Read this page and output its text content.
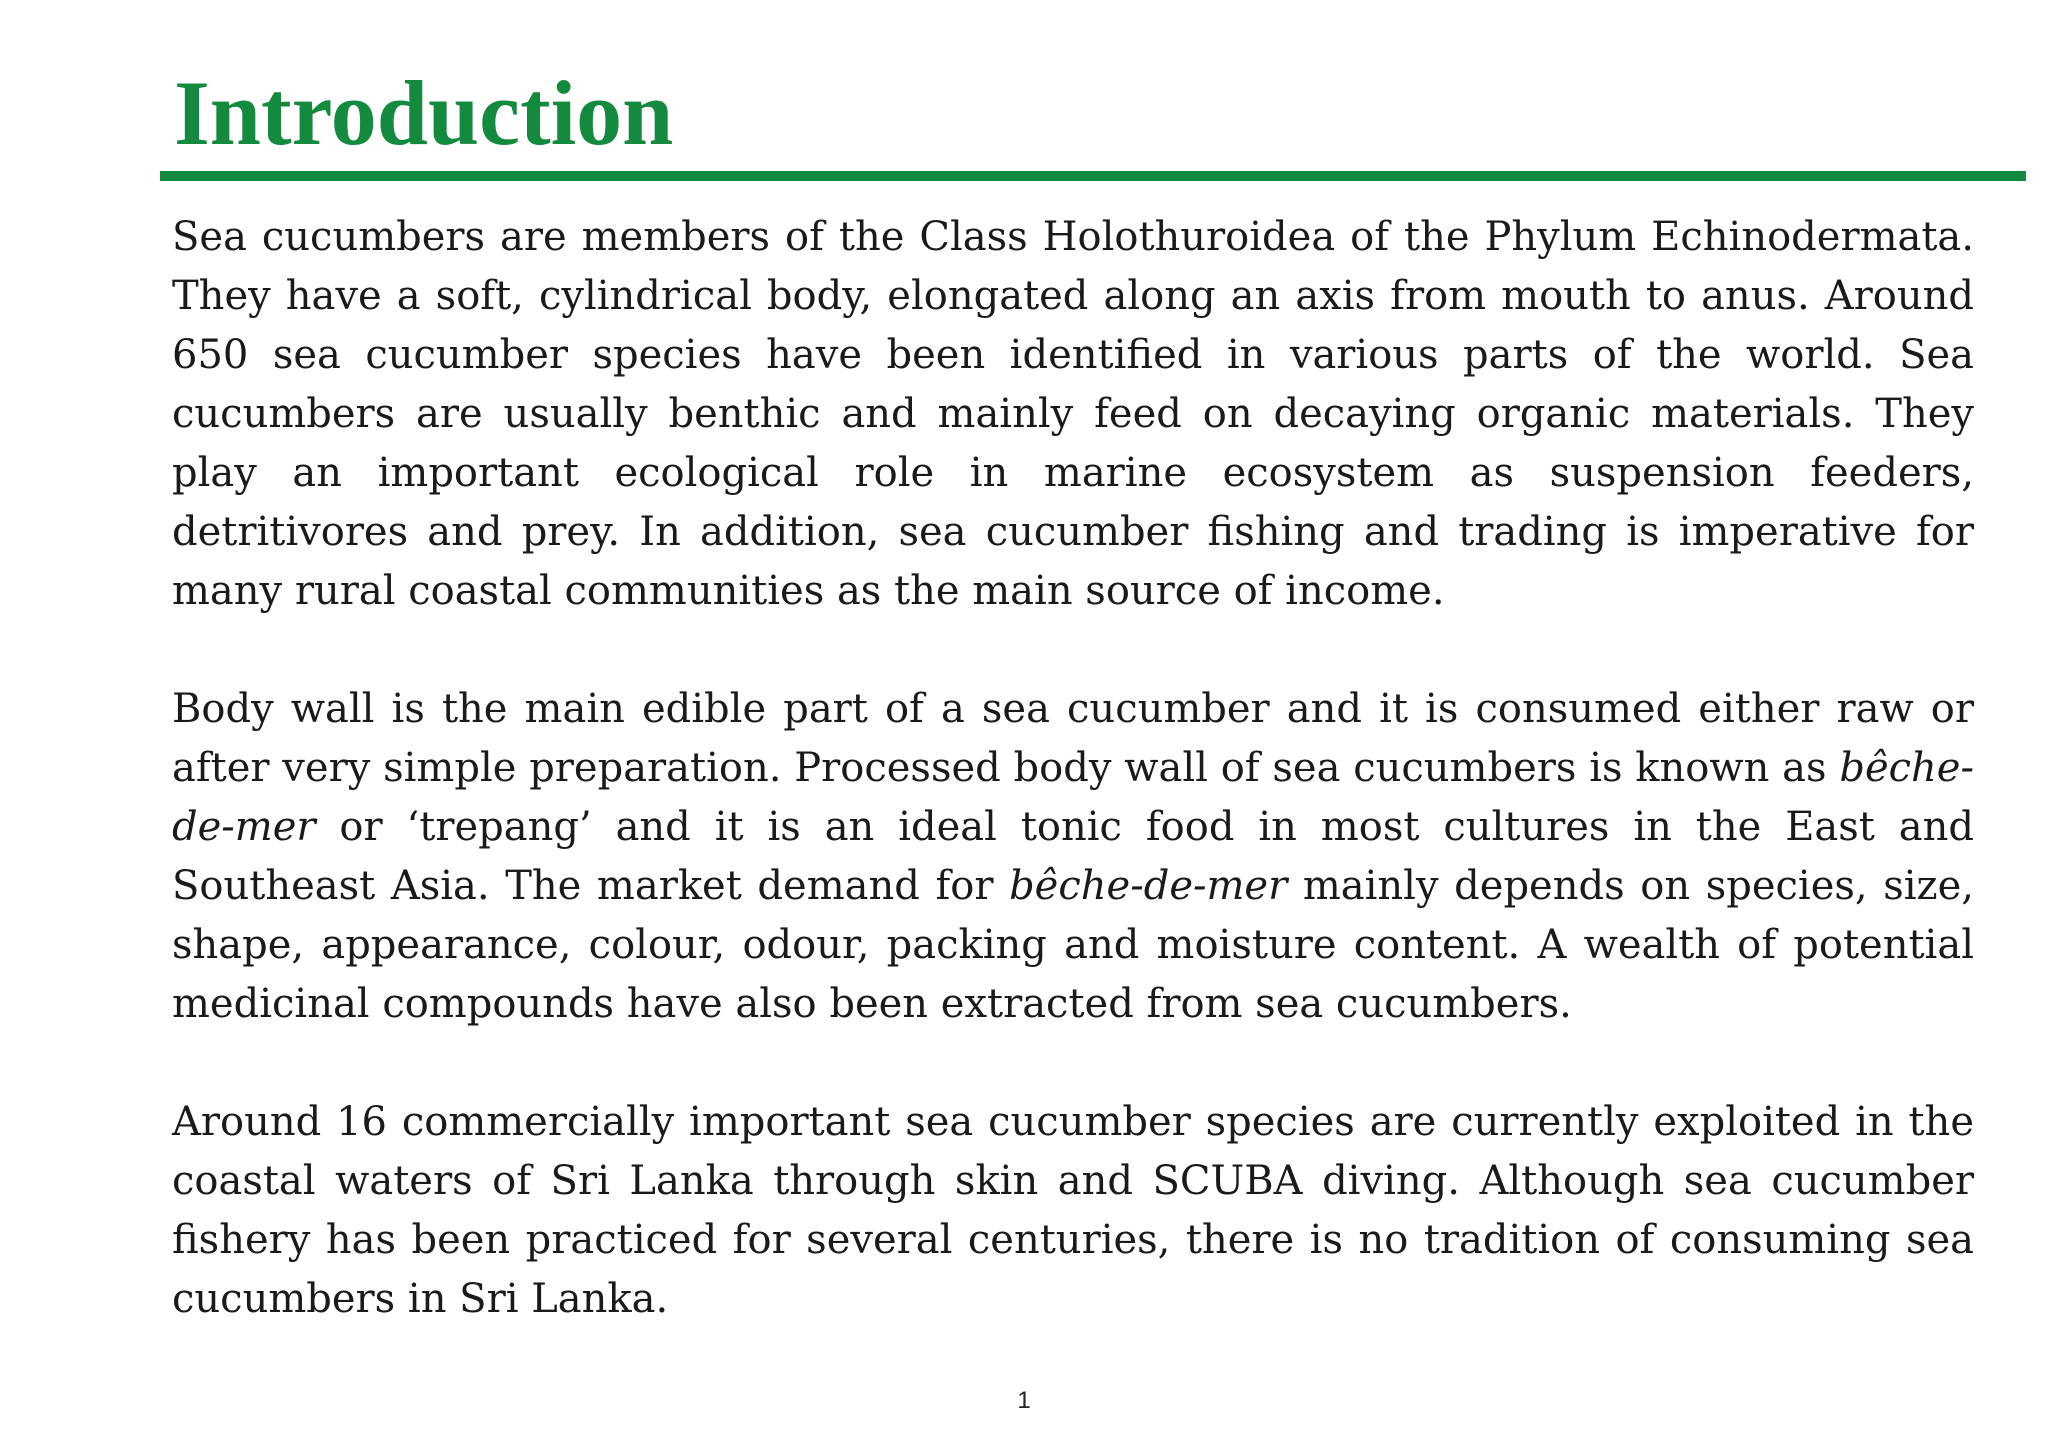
Introduction

Sea cucumbers are members of the Class Holothuroidea of the Phylum Echinodermata. They have a soft, cylindrical body, elongated along an axis from mouth to anus. Around 650 sea cucumber species have been identified in various parts of the world. Sea cucumbers are usually benthic and mainly feed on decaying organic materials. They play an important ecological role in marine ecosystem as suspension feeders, detritivores and prey. In addition, sea cucumber fishing and trading is imperative for many rural coastal communities as the main source of income.

Body wall is the main edible part of a sea cucumber and it is consumed either raw or after very simple preparation. Processed body wall of sea cucumbers is known as bêche-de-mer or ‘trepang’ and it is an ideal tonic food in most cultures in the East and Southeast Asia. The market demand for bêche-de-mer mainly depends on species, size, shape, appearance, colour, odour, packing and moisture content. A wealth of potential medicinal compounds have also been extracted from sea cucumbers.

Around 16 commercially important sea cucumber species are currently exploited in the coastal waters of Sri Lanka through skin and SCUBA diving. Although sea cucumber fishery has been practiced for several centuries, there is no tradition of consuming sea cucumbers in Sri Lanka.

1
